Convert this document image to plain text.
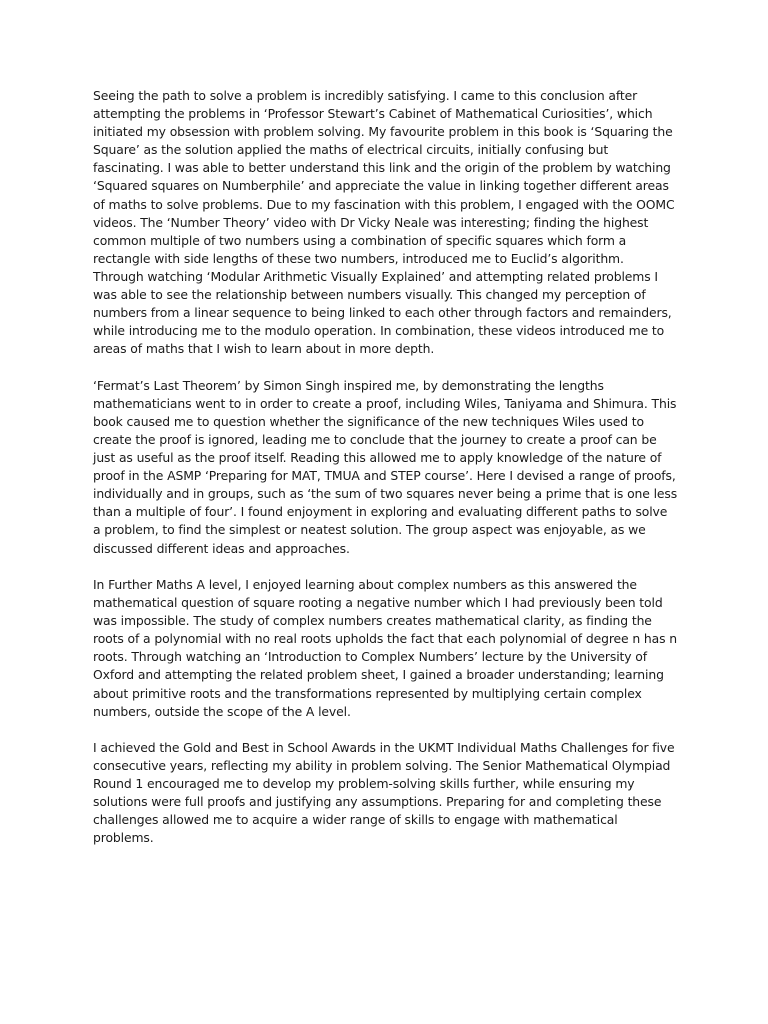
Seeing the path to solve a problem is incredibly satisfying. I came to this conclusion after attempting the problems in ‘Professor Stewart’s Cabinet of Mathematical Curiosities’, which initiated my obsession with problem solving. My favourite problem in this book is ‘Squaring the Square’ as the solution applied the maths of electrical circuits, initially confusing but fascinating. I was able to better understand this link and the origin of the problem by watching ‘Squared squares on Numberphile’ and appreciate the value in linking together different areas of maths to solve problems. Due to my fascination with this problem, I engaged with the OOMC videos. The ‘Number Theory’ video with Dr Vicky Neale was interesting; finding the highest common multiple of two numbers using a combination of specific squares which form a rectangle with side lengths of these two numbers, introduced me to Euclid’s algorithm. Through watching ‘Modular Arithmetic Visually Explained’ and attempting related problems I was able to see the relationship between numbers visually. This changed my perception of numbers from a linear sequence to being linked to each other through factors and remainders, while introducing me to the modulo operation. In combination, these videos introduced me to areas of maths that I wish to learn about in more depth.

‘Fermat’s Last Theorem’ by Simon Singh inspired me, by demonstrating the lengths mathematicians went to in order to create a proof, including Wiles, Taniyama and Shimura. This book caused me to question whether the significance of the new techniques Wiles used to create the proof is ignored, leading me to conclude that the journey to create a proof can be just as useful as the proof itself. Reading this allowed me to apply knowledge of the nature of proof in the ASMP ‘Preparing for MAT, TMUA and STEP course’. Here I devised a range of proofs, individually and in groups, such as ‘the sum of two squares never being a prime that is one less than a multiple of four’. I found enjoyment in exploring and evaluating different paths to solve a problem, to find the simplest or neatest solution. The group aspect was enjoyable, as we discussed different ideas and approaches.

In Further Maths A level, I enjoyed learning about complex numbers as this answered the mathematical question of square rooting a negative number which I had previously been told was impossible. The study of complex numbers creates mathematical clarity, as finding the roots of a polynomial with no real roots upholds the fact that each polynomial of degree n has n roots. Through watching an ‘Introduction to Complex Numbers’ lecture by the University of Oxford and attempting the related problem sheet, I gained a broader understanding; learning about primitive roots and the transformations represented by multiplying certain complex numbers, outside the scope of the A level.

I achieved the Gold and Best in School Awards in the UKMT Individual Maths Challenges for five consecutive years, reflecting my ability in problem solving. The Senior Mathematical Olympiad Round 1 encouraged me to develop my problem-solving skills further, while ensuring my solutions were full proofs and justifying any assumptions. Preparing for and completing these challenges allowed me to acquire a wider range of skills to engage with mathematical problems.
